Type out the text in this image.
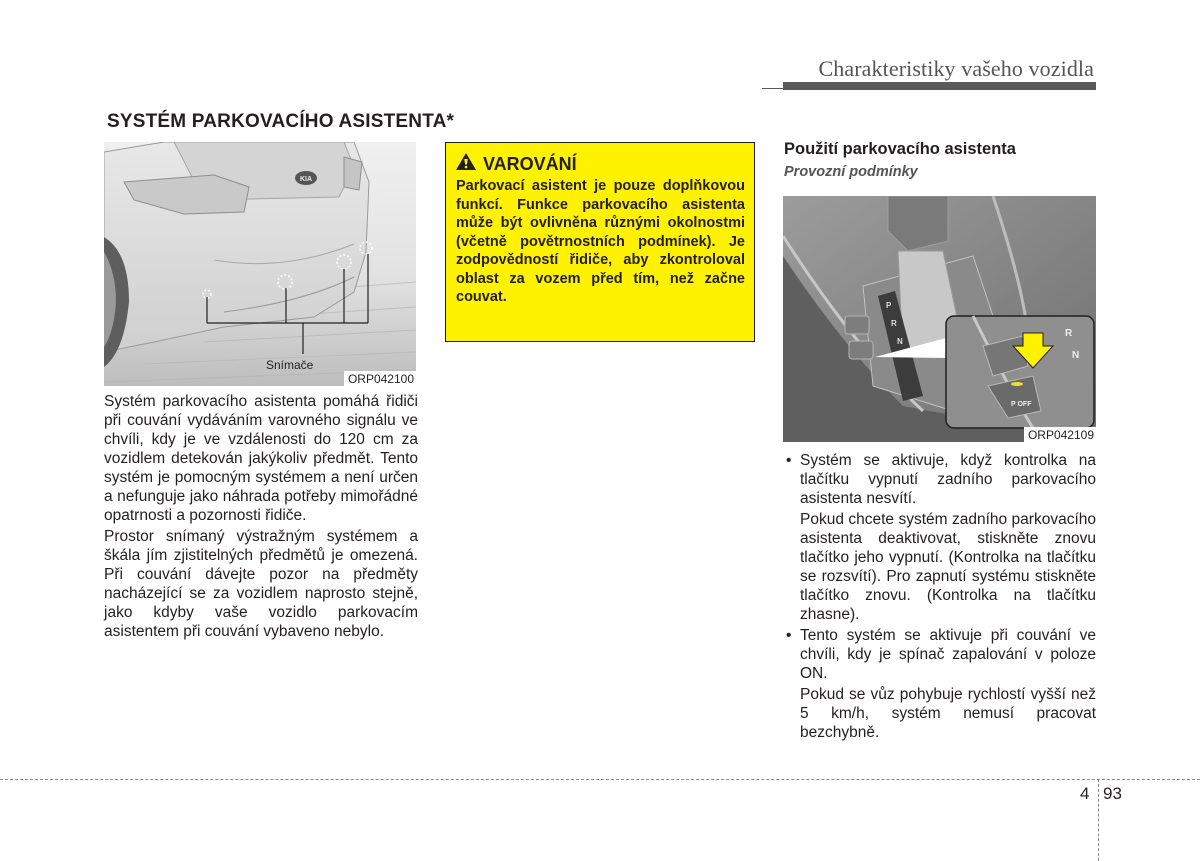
Charakteristiky vašeho vozidla
SYSTÉM PARKOVACÍHO ASISTENTA*
KIA
Snímače
ORP042100
VAROVÁNÍ
Parkovací asistent je pouze doplňkovou funkcí. Funkce parkovacího asistenta může být ovlivněna různými okolnostmi (včetně povětrnostních podmínek). Je zodpovědností řidiče, aby zkontroloval oblast za vozem před tím, než začne couvat.

Systém parkovacího asistenta pomáhá řidiči při couvání vydáváním varovného signálu ve chvíli, kdy je ve vzdálenosti do 120 cm za vozidlem detekován jakýkoliv předmět. Tento systém je pomocným systémem a není určen a nefunguje jako náhrada potřeby mimořádné opatrnosti a pozornosti řidiče.

Prostor snímaný výstražným systémem a škála jím zjistitelných předmětů je omezená. Při couvání dávejte pozor na předměty nacházející se za vozidlem naprosto stejně, jako kdyby vaše vozidlo parkovacím asistentem při couvání vybaveno nebylo.

Použití parkovacího asistenta
Provozní podmínky
P
R
N
P OFF
R
N
ORP042109

• Systém se aktivuje, když kontrolka na tlačítku vypnutí zadního parkovacího asistenta nesvítí.

Pokud chcete systém zadního parkovacího asistenta deaktivovat, stiskněte znovu tlačítko jeho vypnutí. (Kontrolka na tlačítku se rozsvítí). Pro zapnutí systému stiskněte tlačítko znovu. (Kontrolka na tlačítku zhasne).

• Tento systém se aktivuje při couvání ve chvíli, kdy je spínač zapalování v poloze ON.

Pokud se vůz pohybuje rychlostí vyšší než 5 km/h, systém nemusí pracovat bezchybně.

4 93
